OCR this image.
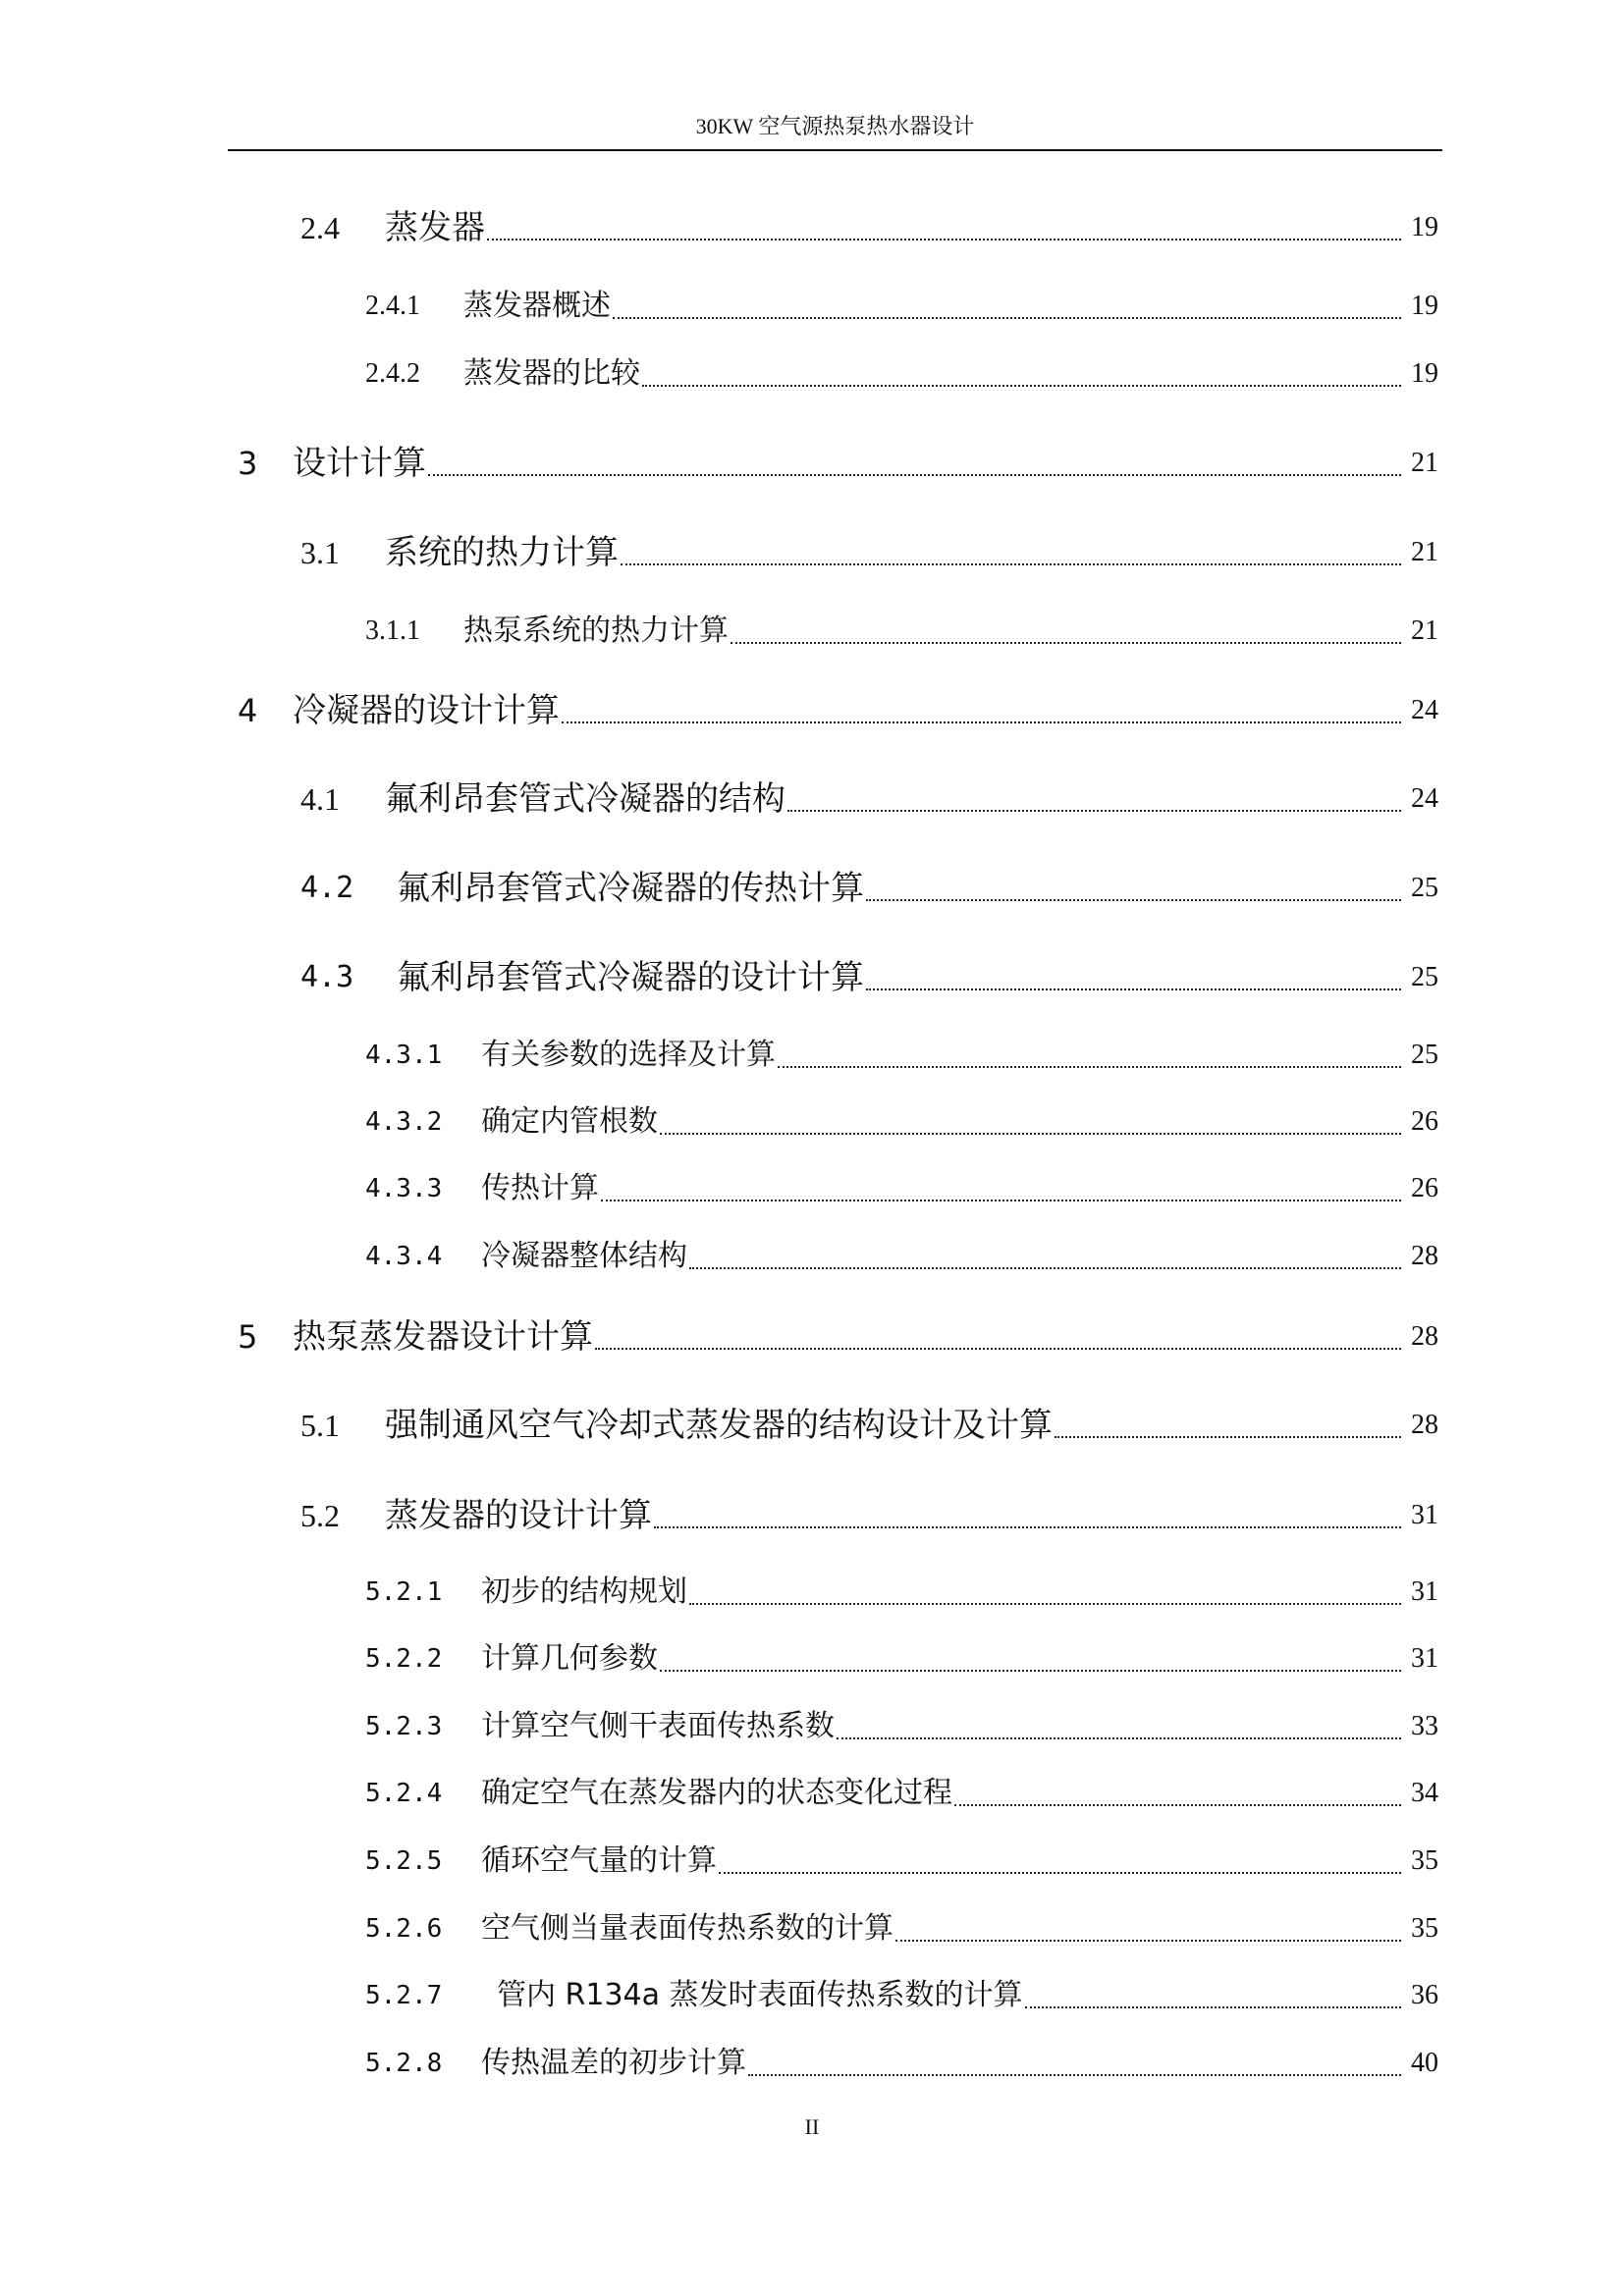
30KW 空气源热泵热水器设计
2.4 蒸发器	19
2.4.1 蒸发器概述	19
2.4.2 蒸发器的比较	19
3 设计计算	21
3.1 系统的热力计算	21
3.1.1 热泵系统的热力计算	21
4 冷凝器的设计计算	24
4.1 氟利昂套管式冷凝器的结构	24
4.2 氟利昂套管式冷凝器的传热计算	25
4.3 氟利昂套管式冷凝器的设计计算	25
4.3.1 有关参数的选择及计算	25
4.3.2 确定内管根数	26
4.3.3 传热计算	26
4.3.4 冷凝器整体结构	28
5 热泵蒸发器设计计算	28
5.1 强制通风空气冷却式蒸发器的结构设计及计算	28
5.2 蒸发器的设计计算	31
5.2.1 初步的结构规划	31
5.2.2 计算几何参数	31
5.2.3 计算空气侧干表面传热系数	33
5.2.4 确定空气在蒸发器内的状态变化过程	34
5.2.5 循环空气量的计算	35
5.2.6 空气侧当量表面传热系数的计算	35
5.2.7 管内 R134a 蒸发时表面传热系数的计算	36
5.2.8 传热温差的初步计算	40
II
